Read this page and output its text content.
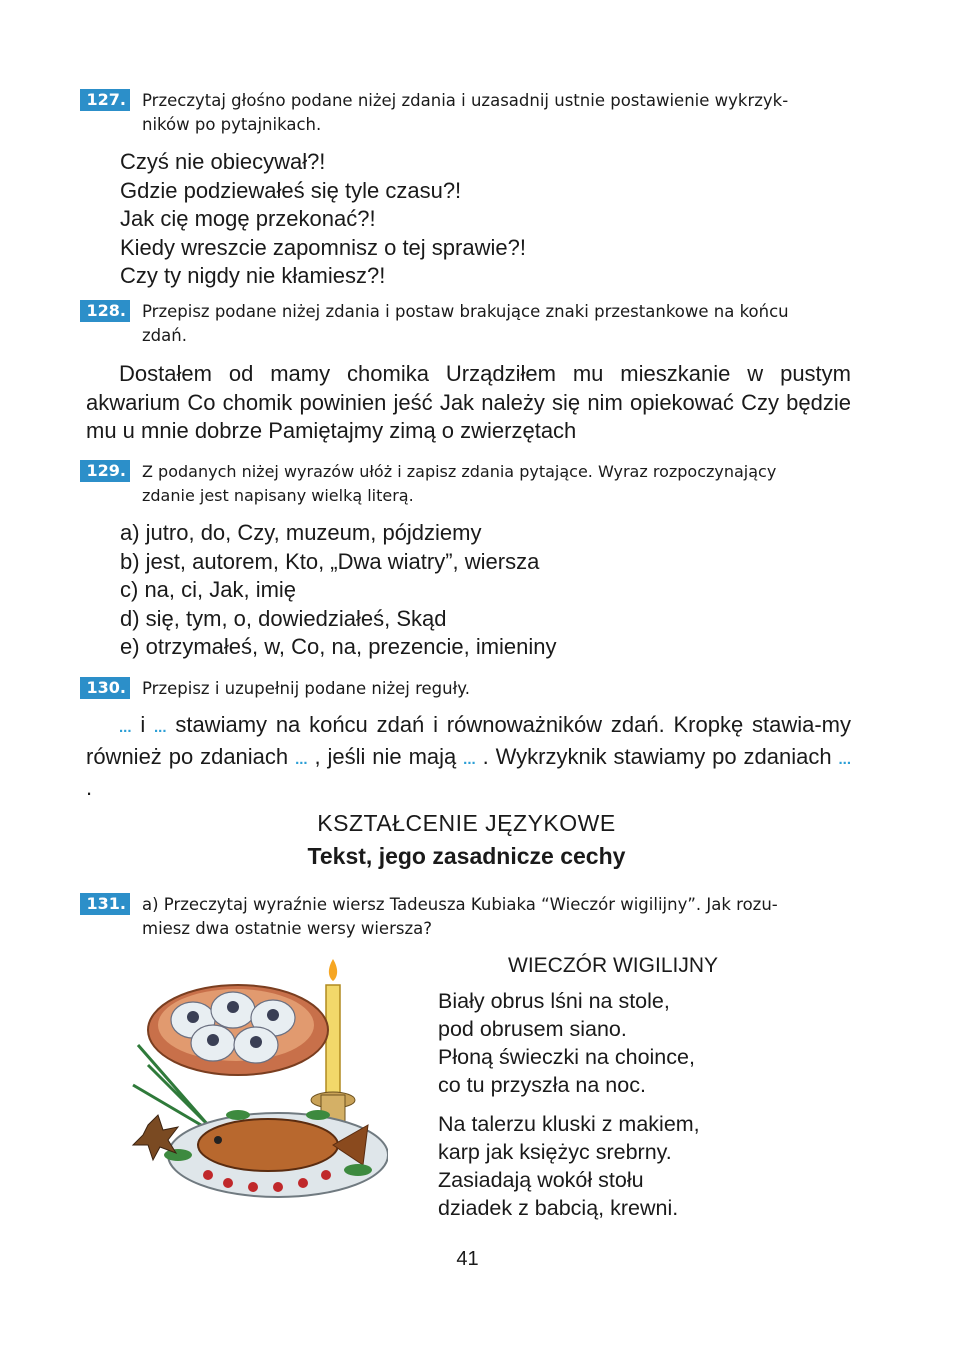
127. Przeczytaj głośno podane niżej zdania i uzasadnij ustnie postawienie wykrzyk-
ników po pytajnikach.
Czyś nie obiecywał?!
Gdzie podziewałeś się tyle czasu?!
Jak cię mogę przekonać?!
Kiedy wreszcie zapomnisz o tej sprawie?!
Czy ty nigdy nie kłamiesz?!
128. Przepisz podane niżej zdania i postaw brakujące znaki przestankowe na końcu
zdań.
Dostałem od mamy chomika Urządziłem mu mieszkanie w pustym akwarium Co chomik powinien jeść Jak należy się nim opiekować Czy będzie mu u mnie dobrze Pamiętajmy zimą o zwierzętach
129. Z podanych niżej wyrazów ułóż i zapisz zdania pytające. Wyraz rozpoczynający
zdanie jest napisany wielką literą.
a) jutro, do, Czy, muzeum, pójdziemy
b) jest, autorem, Kto, „Dwa wiatry”, wiersza
c) na, ci, Jak, imię
d) się, tym, o, dowiedziałeś, Skąd
e) otrzymałeś, w, Co, na, prezencie, imieniny
130. Przepisz i uzupełnij podane niżej reguły.
... i ... stawiamy na końcu zdań i równoważników zdań. Kropkę stawia-my również po zdaniach ... , jeśli nie mają ... . Wykrzyknik stawiamy po zdaniach ... .
KSZTAŁCENIE JĘZYKOWE
Tekst, jego zasadnicze cechy
131. a) Przeczytaj wyraźnie wiersz Tadeusza Kubiaka “Wieczór wigilijny”. Jak rozu-
miesz dwa ostatnie wersy wiersza?
WIECZÓR WIGILIJNY
Biały obrus lśni na stole,
pod obrusem siano.
Płoną świeczki na choince,
co tu przyszła na noc.
Na talerzu kluski z makiem,
karp jak księżyc srebrny.
Zasiadają wokół stołu
dziadek z babcią, krewni.
41
